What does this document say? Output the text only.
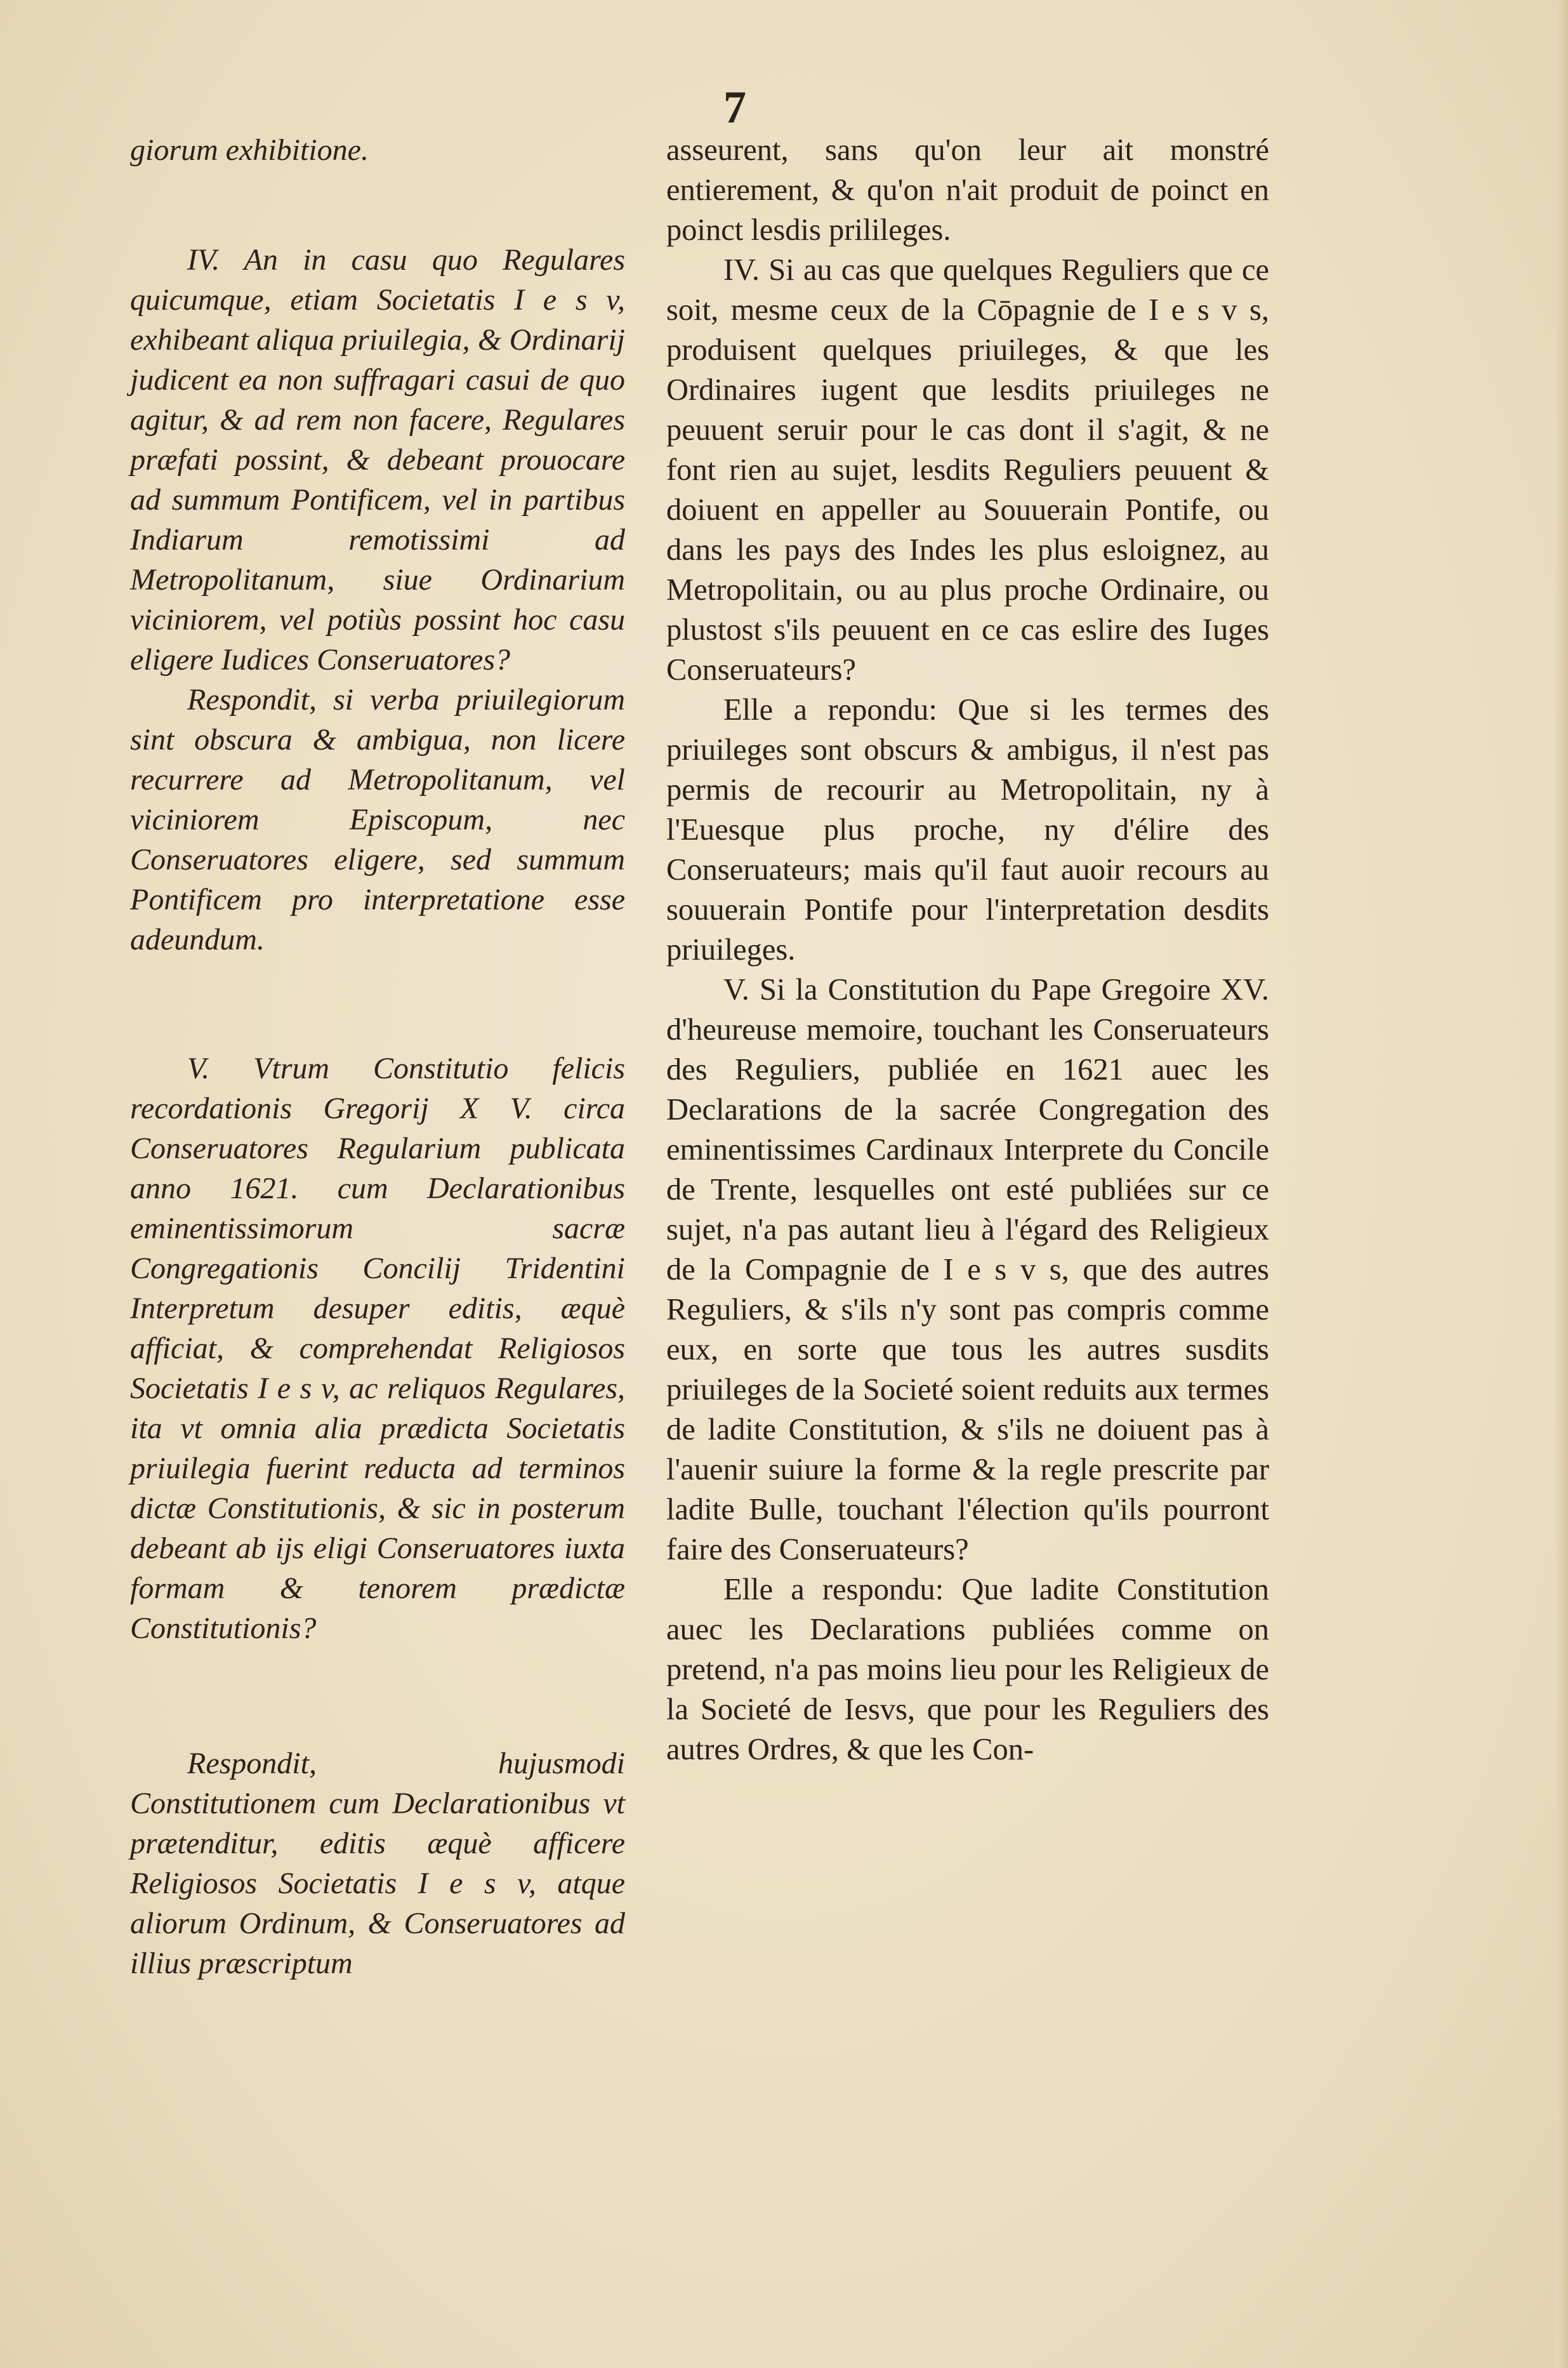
7

giorum exhibitione.

IV. An in casu quo Regulares quicumque, etiam Societatis I e s v, exhibeant aliqua priuilegia, & Ordinarij judicent ea non suffragari casui de quo agitur, & ad rem non facere, Regulares præfati possint, & debeant prouocare ad summum Pontificem, vel in partibus Indiarum remotissimi ad Metropolitanum, siue Ordinarium viciniorem, vel potiùs possint hoc casu eligere Iudices Conseruatores?

Respondit, si verba priuilegiorum sint obscura & ambigua, non licere recurrere ad Metropolitanum, vel viciniorem Episcopum, nec Conseruatores eligere, sed summum Pontificem pro interpretatione esse adeundum.

V. Vtrum Constitutio felicis recordationis Gregorij X V. circa Conseruatores Regularium publicata anno 1621. cum Declarationibus eminentissimorum sacræ Congregationis Concilij Tridentini Interpretum desuper editis, æquè afficiat, & comprehendat Religiosos Societatis I e s v, ac reliquos Regulares, ita vt omnia alia prædicta Societatis priuilegia fuerint reducta ad terminos dictæ Constitutionis, & sic in posterum debeant ab ijs eligi Conseruatores iuxta formam & tenorem prædictæ Constitutionis?

Respondit, hujusmodi Constitutionem cum Declarationibus vt prætenditur, editis æquè afficere Religiosos Societatis I e s v, atque aliorum Ordinum, & Conseruatores ad illius præscriptum

asseurent, sans qu'on leur ait monstré entierement, & qu'on n'ait produit de poinct en poinct lesdis prilileges.

IV. Si au cas que quelques Reguliers que ce soit, mesme ceux de la Cōpagnie de I e s v s, produisent quelques priuileges, & que les Ordinaires iugent que lesdits priuileges ne peuuent seruir pour le cas dont il s'agit, & ne font rien au sujet, lesdits Reguliers peuuent & doiuent en appeller au Souuerain Pontife, ou dans les pays des Indes les plus esloignez, au Metropolitain, ou au plus proche Ordinaire, ou plustost s'ils peuuent en ce cas eslire des Iuges Conseruateurs?

Elle a repondu: Que si les termes des priuileges sont obscurs & ambigus, il n'est pas permis de recourir au Metropolitain, ny à l'Euesque plus proche, ny d'élire des Conseruateurs; mais qu'il faut auoir recours au souuerain Pontife pour l'interpretation desdits priuileges.

V. Si la Constitution du Pape Gregoire XV. d'heureuse memoire, touchant les Conseruateurs des Reguliers, publiée en 1621 auec les Declarations de la sacrée Congregation des eminentissimes Cardinaux Interprete du Concile de Trente, lesquelles ont esté publiées sur ce sujet, n'a pas autant lieu à l'égard des Religieux de la Compagnie de I e s v s, que des autres Reguliers, & s'ils n'y sont pas compris comme eux, en sorte que tous les autres susdits priuileges de la Societé soient reduits aux termes de ladite Constitution, & s'ils ne doiuent pas à l'auenir suiure la forme & la regle prescrite par ladite Bulle, touchant l'élection qu'ils pourront faire des Conseruateurs?

Elle a respondu: Que ladite Constitution auec les Declarations publiées comme on pretend, n'a pas moins lieu pour les Religieux de la Societé de Iesvs, que pour les Reguliers des autres Ordres, & que les Con-
